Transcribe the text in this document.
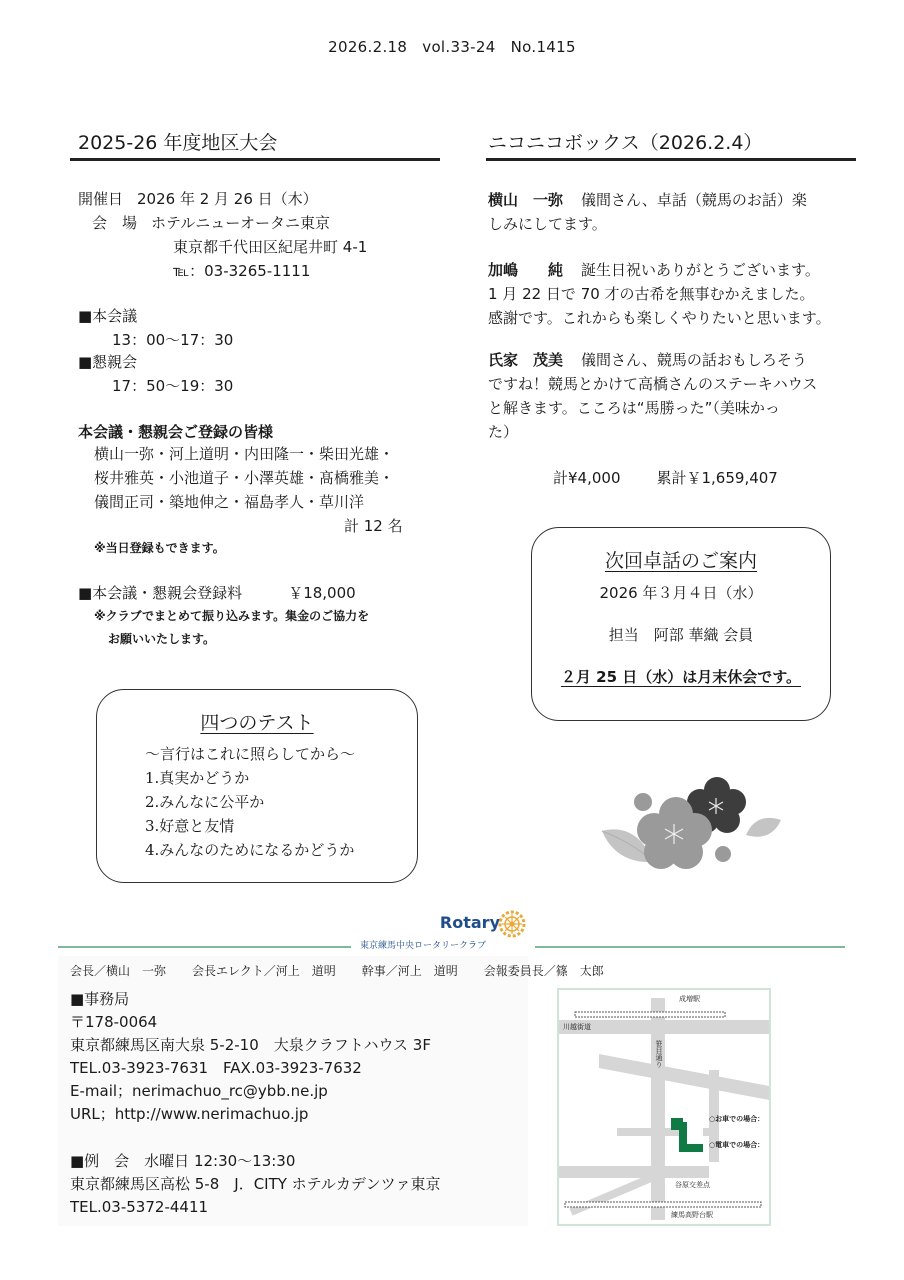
2026.2.18 vol.33-24 No.1415
2025-26 年度地区大会
開催日 2026 年 2 月 26 日（木）
会　場 ホテルニューオータニ東京
東京都千代田区紀尾井町 4-1
℡：03-3265-1111
■本会議
13：00～17：30
■懇親会
17：50～19：30
本会議・懇親会ご登録の皆様
横山一弥・河上道明・内田隆一・柴田光雄・
桜井雅英・小池道子・小澤英雄・髙橋雅美・
儀間正司・築地伸之・福島孝人・草川洋
計 12 名
※当日登録もできます。
■本会議・懇親会登録料	￥18,000
※クラブでまとめて振り込みます。集金のご協力を
お願いいたします。
四つのテスト
～言行はこれに照らしてから～
1.真実かどうか
2.みんなに公平か
3.好意と友情
4.みんなのためになるかどうか
ニコニコボックス（2026.2.4）
横山　一弥 儀間さん、卓話（競馬のお話）楽
しみにしてます。
加嶋　　純 誕生日祝いありがとうございます。
1 月 22 日で 70 才の古希を無事むかえました。
感謝です。これからも楽しくやりたいと思います。
氏家　茂美 儀間さん、競馬の話おもしろそう
ですね！競馬とかけて高橋さんのステーキハウス
と解きます。こころは“馬勝った”（美味かっ
た）
計¥4,000 累計￥1,659,407
次回卓話のご案内
2026 年３月４日（水）
担当　阿部 華織 会員
２月 25 日（水）は月末休会です。
Rotary
東京練馬中央ロータリークラブ
会長／横山　一弥 会長エレクト／河上　道明 幹事／河上　道明 会報委員長／篠　太郎
■事務局
〒178-0064
東京都練馬区南大泉 5-2-10　大泉クラフトハウス 3F
TEL.03-3923-7631　FAX.03-3923-7632
E-mail；nerimachuo_rc@ybb.ne.jp
URL；http://www.nerimachuo.jp
■例　会　水曜日 12:30～13:30
東京都練馬区高松 5-8　J．CITY ホテルカデンツァ東京
TEL.03-5372-4411
成増駅
川越街道
笹目通り
谷原交差点
練馬高野台駅
○お車での場合：
○電車での場合：
